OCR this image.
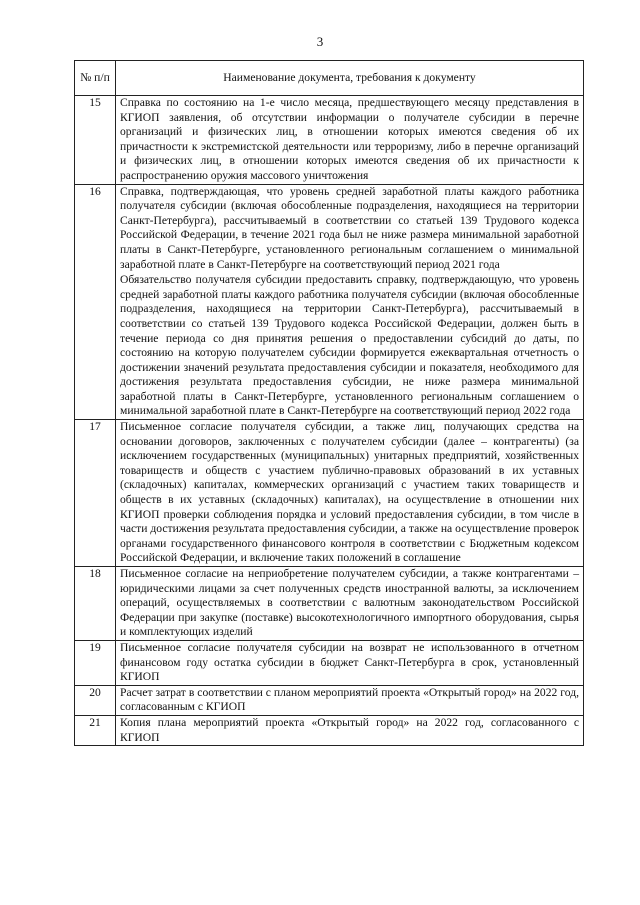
3
№ п/п	Наименование документа, требования к документу
15	Справка по состоянию на 1-е число месяца, предшествующего месяцу представления в КГИОП заявления, об отсутствии информации о получателе субсидии в перечне организаций и физических лиц, в отношении которых имеются сведения об их причастности к экстремистской деятельности или терроризму, либо в перечне организаций и физических лиц, в отношении которых имеются сведения об их причастности к распространению оружия массового уничтожения

16	Справка, подтверждающая, что уровень средней заработной платы каждого работника получателя субсидии (включая обособленные подразделения, находящиеся на территории Санкт-Петербурга), рассчитываемый в соответствии со статьей 139 Трудового кодекса Российской Федерации, в течение 2021 года был не ниже размера минимальной заработной платы в Санкт-Петербурге, установленного региональным соглашением о минимальной заработной плате в Санкт-Петербурге на соответствующий период 2021 года

Обязательство получателя субсидии предоставить справку, подтверждающую, что уровень средней заработной платы каждого работника получателя субсидии (включая обособленные подразделения, находящиеся на территории Санкт-Петербурга), рассчитываемый в соответствии со статьей 139 Трудового кодекса Российской Федерации, должен быть в течение периода со дня принятия решения о предоставлении субсидий до даты, по состоянию на которую получателем субсидии формируется ежеквартальная отчетность о достижении значений результата предоставления субсидии и показателя, необходимого для достижения результата предоставления субсидии, не ниже размера минимальной заработной платы в Санкт-Петербурге, установленного региональным соглашением о минимальной заработной плате в Санкт-Петербурге на соответствующий период 2022 года

17	Письменное согласие получателя субсидии, а также лиц, получающих средства на основании договоров, заключенных с получателем субсидии (далее – контрагенты) (за исключением государственных (муниципальных) унитарных предприятий, хозяйственных товариществ и обществ с участием публично-правовых образований в их уставных (складочных) капиталах, коммерческих организаций с участием таких товариществ и обществ в их уставных (складочных) капиталах), на осуществление в отношении них КГИОП проверки соблюдения порядка и условий предоставления субсидии, в том числе в части достижения результата предоставления субсидии, а также на осуществление проверок органами государственного финансового контроля в соответствии с Бюджетным кодексом Российской Федерации, и включение таких положений в соглашение

18	Письменное согласие на неприобретение получателем субсидии, а также контрагентами – юридическими лицами за счет полученных средств иностранной валюты, за исключением операций, осуществляемых в соответствии с валютным законодательством Российской Федерации при закупке (поставке) высокотехнологичного импортного оборудования, сырья и комплектующих изделий

19	Письменное согласие получателя субсидии на возврат не использованного в отчетном финансовом году остатка субсидии в бюджет Санкт-Петербурга в срок, установленный КГИОП

20	Расчет затрат в соответствии с планом мероприятий проекта «Открытый город» на 2022 год, согласованным с КГИОП

21	Копия плана мероприятий проекта «Открытый город» на 2022 год, согласованного с КГИОП
